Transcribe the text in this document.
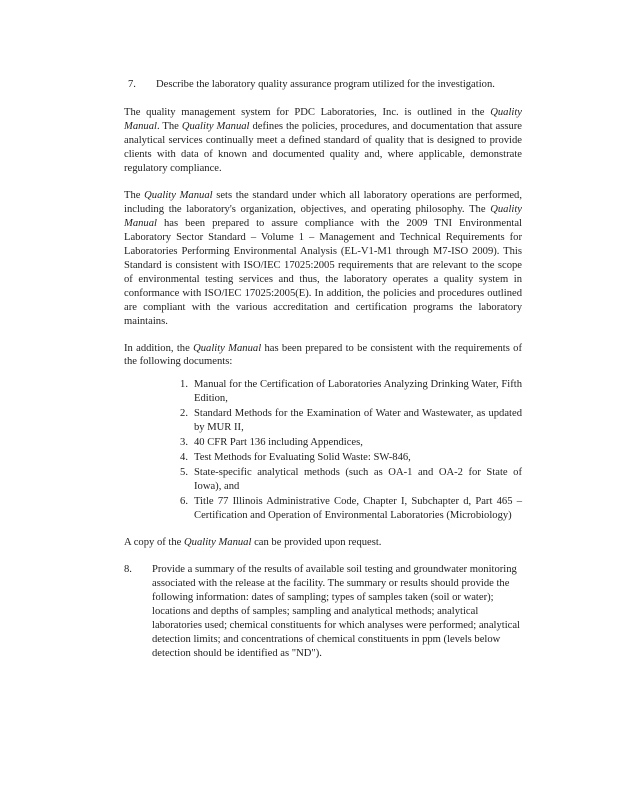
7.	Describe the laboratory quality assurance program utilized for the investigation.

The quality management system for PDC Laboratories, Inc. is outlined in the Quality Manual. The Quality Manual defines the policies, procedures, and documentation that assure analytical services continually meet a defined standard of quality that is designed to provide clients with data of known and documented quality and, where applicable, demonstrate regulatory compliance.

The Quality Manual sets the standard under which all laboratory operations are performed, including the laboratory's organization, objectives, and operating philosophy. The Quality Manual has been prepared to assure compliance with the 2009 TNI Environmental Laboratory Sector Standard – Volume 1 – Management and Technical Requirements for Laboratories Performing Environmental Analysis (EL-V1-M1 through M7-ISO 2009). This Standard is consistent with ISO/IEC 17025:2005 requirements that are relevant to the scope of environmental testing services and thus, the laboratory operates a quality system in conformance with ISO/IEC 17025:2005(E). In addition, the policies and procedures outlined are compliant with the various accreditation and certification programs the laboratory maintains.

In addition, the Quality Manual has been prepared to be consistent with the requirements of the following documents:

1. Manual for the Certification of Laboratories Analyzing Drinking Water, Fifth Edition,
2. Standard Methods for the Examination of Water and Wastewater, as updated by MUR II,
3. 40 CFR Part 136 including Appendices,
4. Test Methods for Evaluating Solid Waste: SW-846,
5. State-specific analytical methods (such as OA-1 and OA-2 for State of Iowa), and
6. Title 77 Illinois Administrative Code, Chapter I, Subchapter d, Part 465 – Certification and Operation of Environmental Laboratories (Microbiology)

A copy of the Quality Manual can be provided upon request.

8.	Provide a summary of the results of available soil testing and groundwater monitoring associated with the release at the facility. The summary or results should provide the following information: dates of sampling; types of samples taken (soil or water); locations and depths of samples; sampling and analytical methods; analytical laboratories used; chemical constituents for which analyses were performed; analytical detection limits; and concentrations of chemical constituents in ppm (levels below detection should be identified as "ND").
